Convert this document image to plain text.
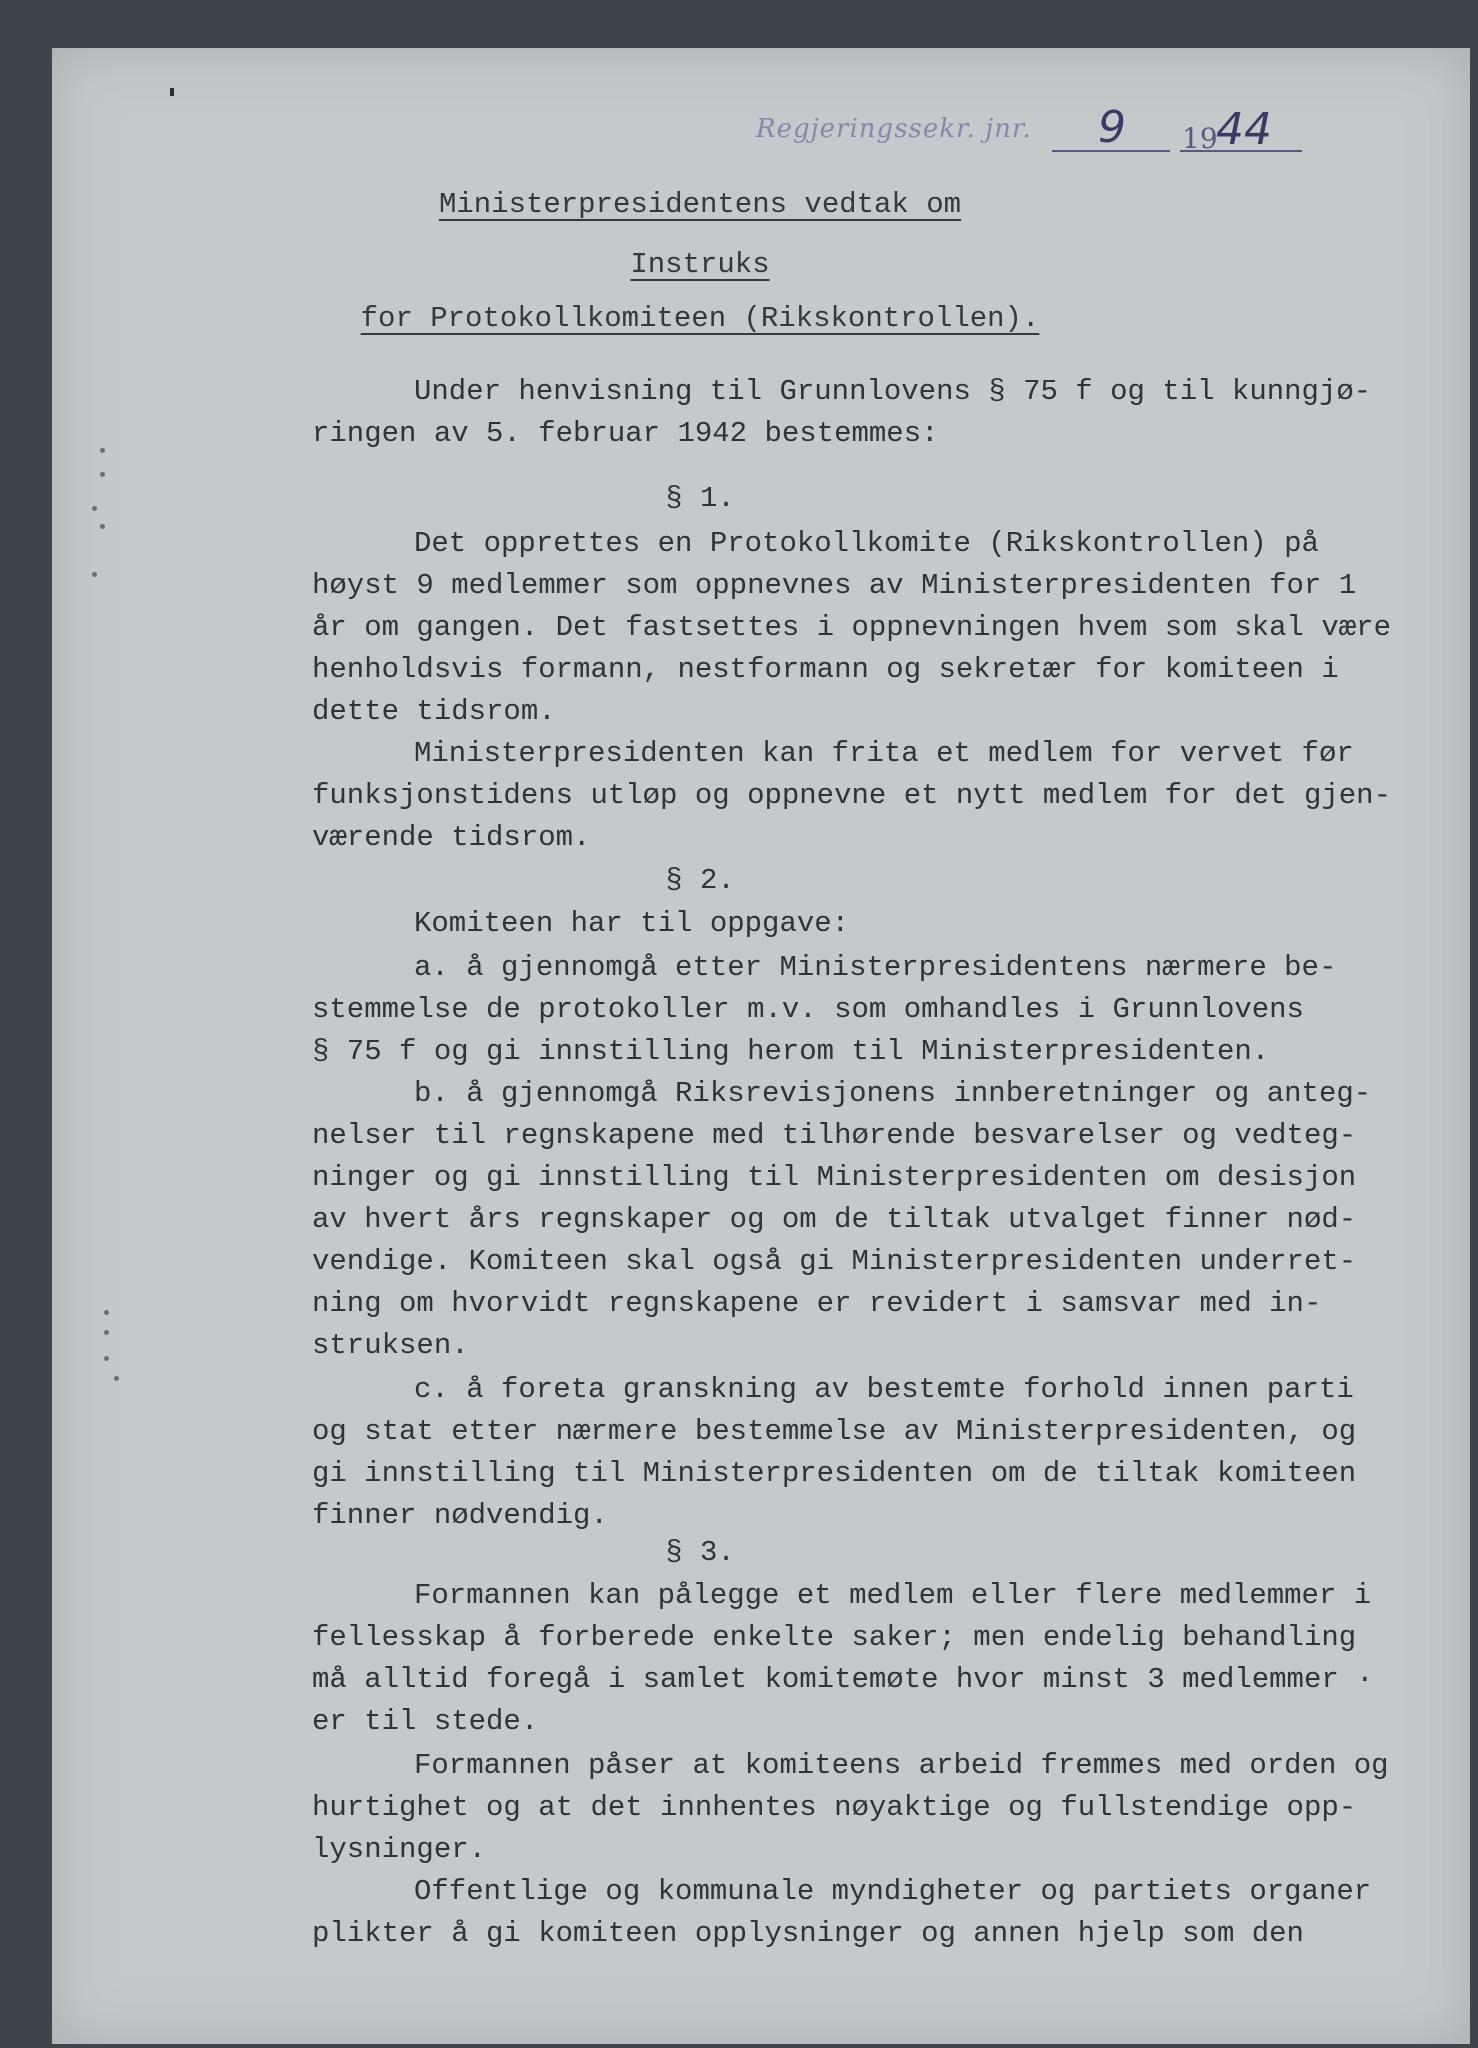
Regjeringssekr. jnr. 9 19
44
Ministerpresidentens vedtak om
Instruks
for Protokollkomiteen (Rikskontrollen).
Under henvisning til Grunnlovens § 75 f og til kunngjø-
ringen av 5. februar 1942 bestemmes:
§ 1.
Det opprettes en Protokollkomite (Rikskontrollen) på
høyst 9 medlemmer som oppnevnes av Ministerpresidenten for 1
år om gangen. Det fastsettes i oppnevningen hvem som skal være
henholdsvis formann, nestformann og sekretær for komiteen i
dette tidsrom.
Ministerpresidenten kan frita et medlem for vervet før
funksjonstidens utløp og oppnevne et nytt medlem for det gjen-
værende tidsrom.
§ 2.
Komiteen har til oppgave:
a. å gjennomgå etter Ministerpresidentens nærmere be-
stemmelse de protokoller m.v. som omhandles i Grunnlovens
§ 75 f og gi innstilling herom til Ministerpresidenten.
b. å gjennomgå Riksrevisjonens innberetninger og anteg-
nelser til regnskapene med tilhørende besvarelser og vedteg-
ninger og gi innstilling til Ministerpresidenten om desisjon
av hvert års regnskaper og om de tiltak utvalget finner nød-
vendige. Komiteen skal også gi Ministerpresidenten underret-
ning om hvorvidt regnskapene er revidert i samsvar med in-
struksen.
c. å foreta granskning av bestemte forhold innen parti
og stat etter nærmere bestemmelse av Ministerpresidenten, og
gi innstilling til Ministerpresidenten om de tiltak komiteen
finner nødvendig.
§ 3.
Formannen kan pålegge et medlem eller flere medlemmer i
fellesskap å forberede enkelte saker; men endelig behandling
må alltid foregå i samlet komitemøte hvor minst 3 medlemmer ·
er til stede.
Formannen påser at komiteens arbeid fremmes med orden og
hurtighet og at det innhentes nøyaktige og fullstendige opp-
lysninger.
Offentlige og kommunale myndigheter og partiets organer
plikter å gi komiteen opplysninger og annen hjelp som den
